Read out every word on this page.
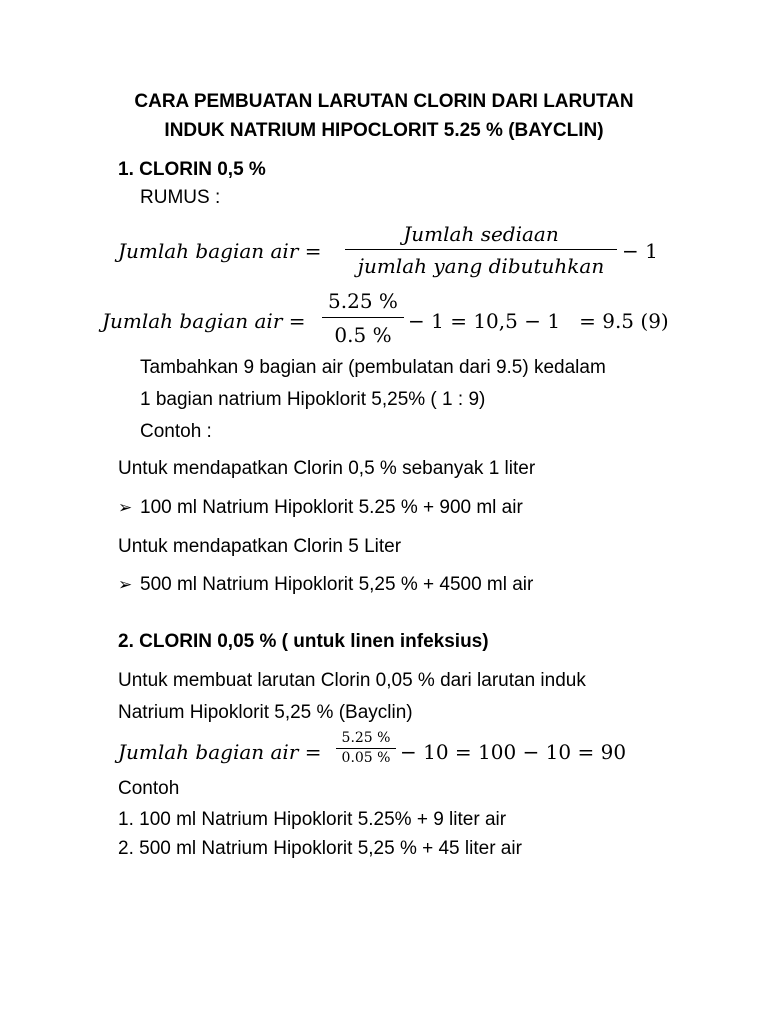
CARA PEMBUATAN LARUTAN CLORIN DARI LARUTAN
INDUK NATRIUM HIPOCLORIT 5.25 % (BAYCLIN)
1. CLORIN 0,5 %
RUMUS :
Jumlah bagian air =
Jumlah sediaan
jumlah yang dibutuhkan
− 1
Jumlah bagian air =
5.25 %
0.5 %
− 1 = 10,5 − 1   = 9.5 (9)
Tambahkan 9 bagian air (pembulatan dari 9.5) kedalam
1 bagian natrium Hipoklorit 5,25% ( 1 : 9)
Contoh :
Untuk mendapatkan Clorin 0,5 % sebanyak 1 liter
➢ 100 ml Natrium Hipoklorit 5.25 % + 900 ml air
Untuk mendapatkan Clorin 5 Liter
➢ 500 ml Natrium Hipoklorit 5,25 % + 4500 ml air
2. CLORIN 0,05 % ( untuk linen infeksius)
Untuk membuat larutan Clorin 0,05 % dari larutan induk
Natrium Hipoklorit 5,25 % (Bayclin)
Jumlah bagian air =
5.25 %
0.05 % − 10 = 100 − 10 = 90
Contoh
1. 100 ml Natrium Hipoklorit 5.25% + 9 liter air
2. 500 ml Natrium Hipoklorit 5,25 % + 45 liter air
